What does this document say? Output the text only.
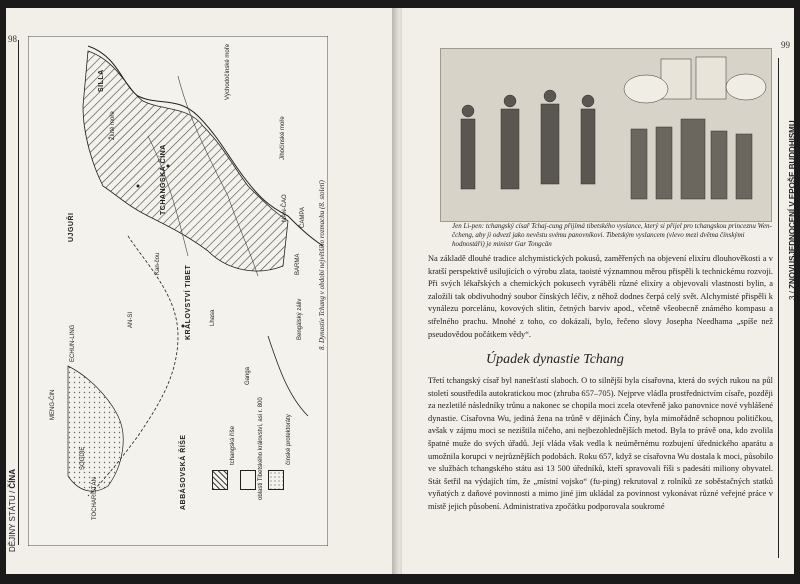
98
DĚJINY STÁTU / ČÍNA
Východočínské moře
SILLA
Žluté moře
TCHANGSKÁ ČÍNA
Jihočínské moře
UJGUŘI
NAN-ČAO ČAMPA
BARMA
KRÁLOVSTVÍ TIBET	Bengálský záliv
AN-SI
ABBÁSOVSKÁ ŘÍŠE
TOCHARISTÁN
SOGDIE
MENG-ČIN
ECHUN-LING
Ganga
Lhasa
Kan-čou
tchangská říše	oblasti Tibetského království, asi r. 800	čínské protektoráty
8. Dynastie Tchang v období největšího rozmachu (8. století)
99
3 / ZNOVUSJEDNOCENÍ V EPOŠE BUDDHISMU
Jen Li-pen: tchangský císař Tchaj-cung přijímá tibetského vyslance, který si přijel pro tchangskou princeznu Wen-čcheng, aby ji odvezl jako nevěstu svému panovníkovi. Tibetským vyslancem (vlevo mezi dvěma čínskými hodnostáři) je ministr Gar Tongcän
Na základě dlouhé tradice alchymistických pokusů, zaměřených na objevení elixíru dlouhověkosti a v kratší perspektivě usilujících o výrobu zlata, taoisté významnou měrou přispěli k technickému rozvoji. Při svých lékařských a chemických pokusech vyráběli různé elixíry a objevovali vlastnosti bylin, a založili tak obdivuhodný soubor čínských léčiv, z něhož dodnes čerpá celý svět. Alchymisté přispěli k vynálezu porcelánu, kovových slitin, četných barviv apod., včetně všeobecně známého kompasu a střelného prachu. Mnohé z toho, co dokázali, bylo, řečeno slovy Josepha Needhama „spíše než pseudovědou počátkem vědy“.
Úpadek dynastie Tchang
Třetí tchangský císař byl nanešťastí slaboch. O to silnější byla císařovna, která do svých rukou na půl století soustředila autokratickou moc (zhruba 657–705). Nejprve vládla prostřednictvím císaře, později za nezletilé následníky trůnu a nakonec se chopila moci zcela otevřeně jako panovnice nové vyhlášené dynastie. Císařovna Wu, jediná žena na trůně v dějinách Číny, byla mimořádně schopnou političkou, avšak v zájmu moci se nezištila ničeho, ani nejbezohlednějších metod. Byla to právě ona, kdo zvolila špatné muže do svých úřadů. Její vláda však vedla k neúměrnému rozbujení úřednického aparátu a umožnila korupci v nejrůznějších podobách. Roku 657, když se císařovna Wu dostala k moci, působilo ve službách tchangského státu asi 13 500 úředníků, kteří spravovali říši s padesáti miliony obyvatel. Stát šetřil na výdajích tím, že „místní vojsko“ (fu-ping) rekrutoval z rolníků ze soběstačných statků vyňatých z daňové povinnosti a mimo jiné jim ukládal za povinnost vykonávat různé veřejné práce v místě jejich působení. Administrativa zpočátku podporovala soukromé
